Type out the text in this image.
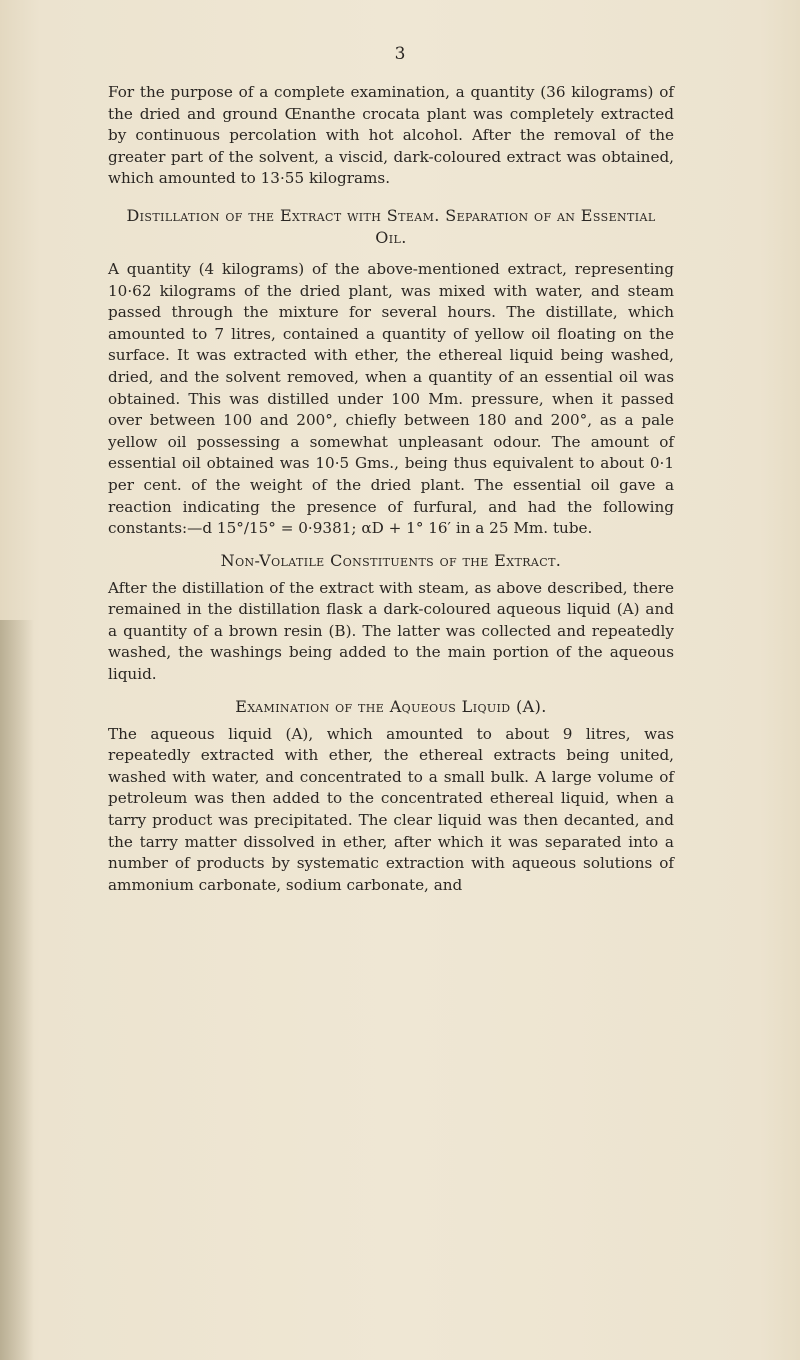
3

For the purpose of a complete examination, a quantity (36 kilograms) of the dried and ground Œnanthe crocata plant was completely extracted by continuous percolation with hot alcohol. After the removal of the greater part of the solvent, a viscid, dark-coloured extract was obtained, which amounted to 13·55 kilograms.

Distillation of the Extract with Steam. Separation of an Essential Oil.

A quantity (4 kilograms) of the above-mentioned extract, representing 10·62 kilograms of the dried plant, was mixed with water, and steam passed through the mixture for several hours. The distillate, which amounted to 7 litres, contained a quantity of yellow oil floating on the surface. It was extracted with ether, the ethereal liquid being washed, dried, and the solvent removed, when a quantity of an essential oil was obtained. This was distilled under 100 Mm. pressure, when it passed over between 100 and 200°, chiefly between 180 and 200°, as a pale yellow oil possessing a somewhat unpleasant odour. The amount of essential oil obtained was 10·5 Gms., being thus equivalent to about 0·1 per cent. of the weight of the dried plant. The essential oil gave a reaction indicating the presence of furfural, and had the following constants:—d 15°/15° = 0·9381; αD + 1° 16′ in a 25 Mm. tube.

Non-Volatile Constituents of the Extract.

After the distillation of the extract with steam, as above described, there remained in the distillation flask a dark-coloured aqueous liquid (A) and a quantity of a brown resin (B). The latter was collected and repeatedly washed, the washings being added to the main portion of the aqueous liquid.

Examination of the Aqueous Liquid (A).

The aqueous liquid (A), which amounted to about 9 litres, was repeatedly extracted with ether, the ethereal extracts being united, washed with water, and concentrated to a small bulk. A large volume of petroleum was then added to the concentrated ethereal liquid, when a tarry product was precipitated. The clear liquid was then decanted, and the tarry matter dissolved in ether, after which it was separated into a number of products by systematic extraction with aqueous solutions of ammonium carbonate, sodium carbonate, and
